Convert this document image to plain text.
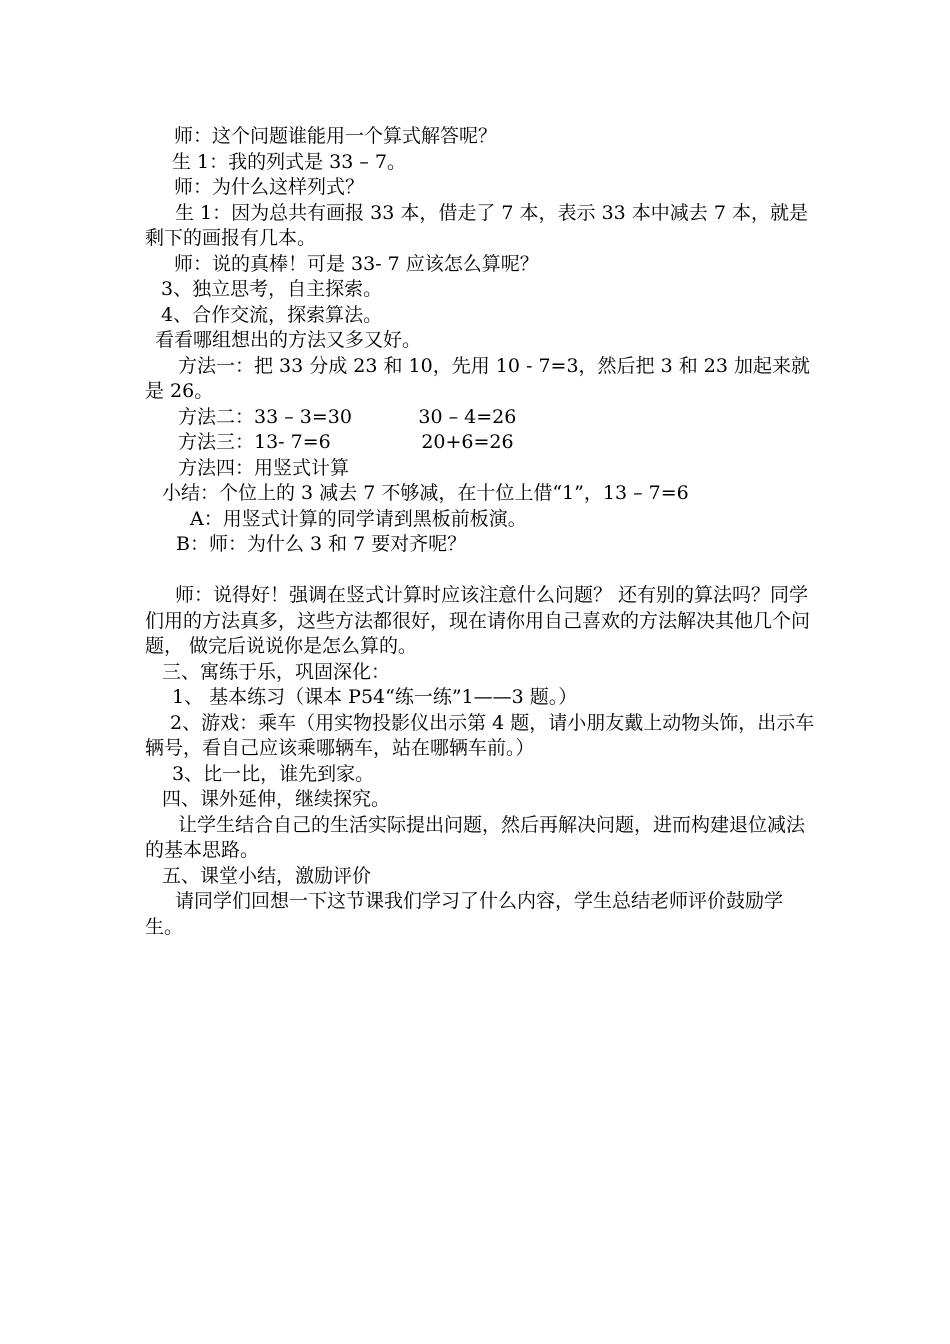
师：这个问题谁能用一个算式解答呢？
生 1：我的列式是 33 – 7。
师：为什么这样列式？
生 1：因为总共有画报 33 本，借走了 7 本，表示 33 本中减去 7 本，就是剩下的画报有几本。
师：说的真棒！可是 33- 7 应该怎么算呢？
3、独立思考，自主探索。
4、合作交流，探索算法。
看看哪组想出的方法又多又好。
方法一：把 33 分成 23 和 10，先用 10 - 7=3，然后把 3 和 23 加起来就是 26。
方法二：33 – 3=30           30 – 4=26
方法三：13- 7=6               20+6=26
方法四：用竖式计算
小结：个位上的 3 减去 7 不够减，在十位上借“1”，13 – 7=6
A：用竖式计算的同学请到黑板前板演。
B：师：为什么 3 和 7 要对齐呢？
师：说得好！强调在竖式计算时应该注意什么问题？ 还有别的算法吗？同学们用的方法真多，这些方法都很好，现在请你用自己喜欢的方法解决其他几个问题， 做完后说说你是怎么算的。
三、寓练于乐，巩固深化：
1、 基本练习（课本 P54“练一练”1——3 题。）
2、游戏：乘车（用实物投影仪出示第 4 题，请小朋友戴上动物头饰，出示车辆号，看自己应该乘哪辆车，站在哪辆车前。）
3、比一比，谁先到家。
四、课外延伸，继续探究。
让学生结合自己的生活实际提出问题，然后再解决问题，进而构建退位减法的基本思路。
五、课堂小结，激励评价
请同学们回想一下这节课我们学习了什么内容，学生总结老师评价鼓励学生。
